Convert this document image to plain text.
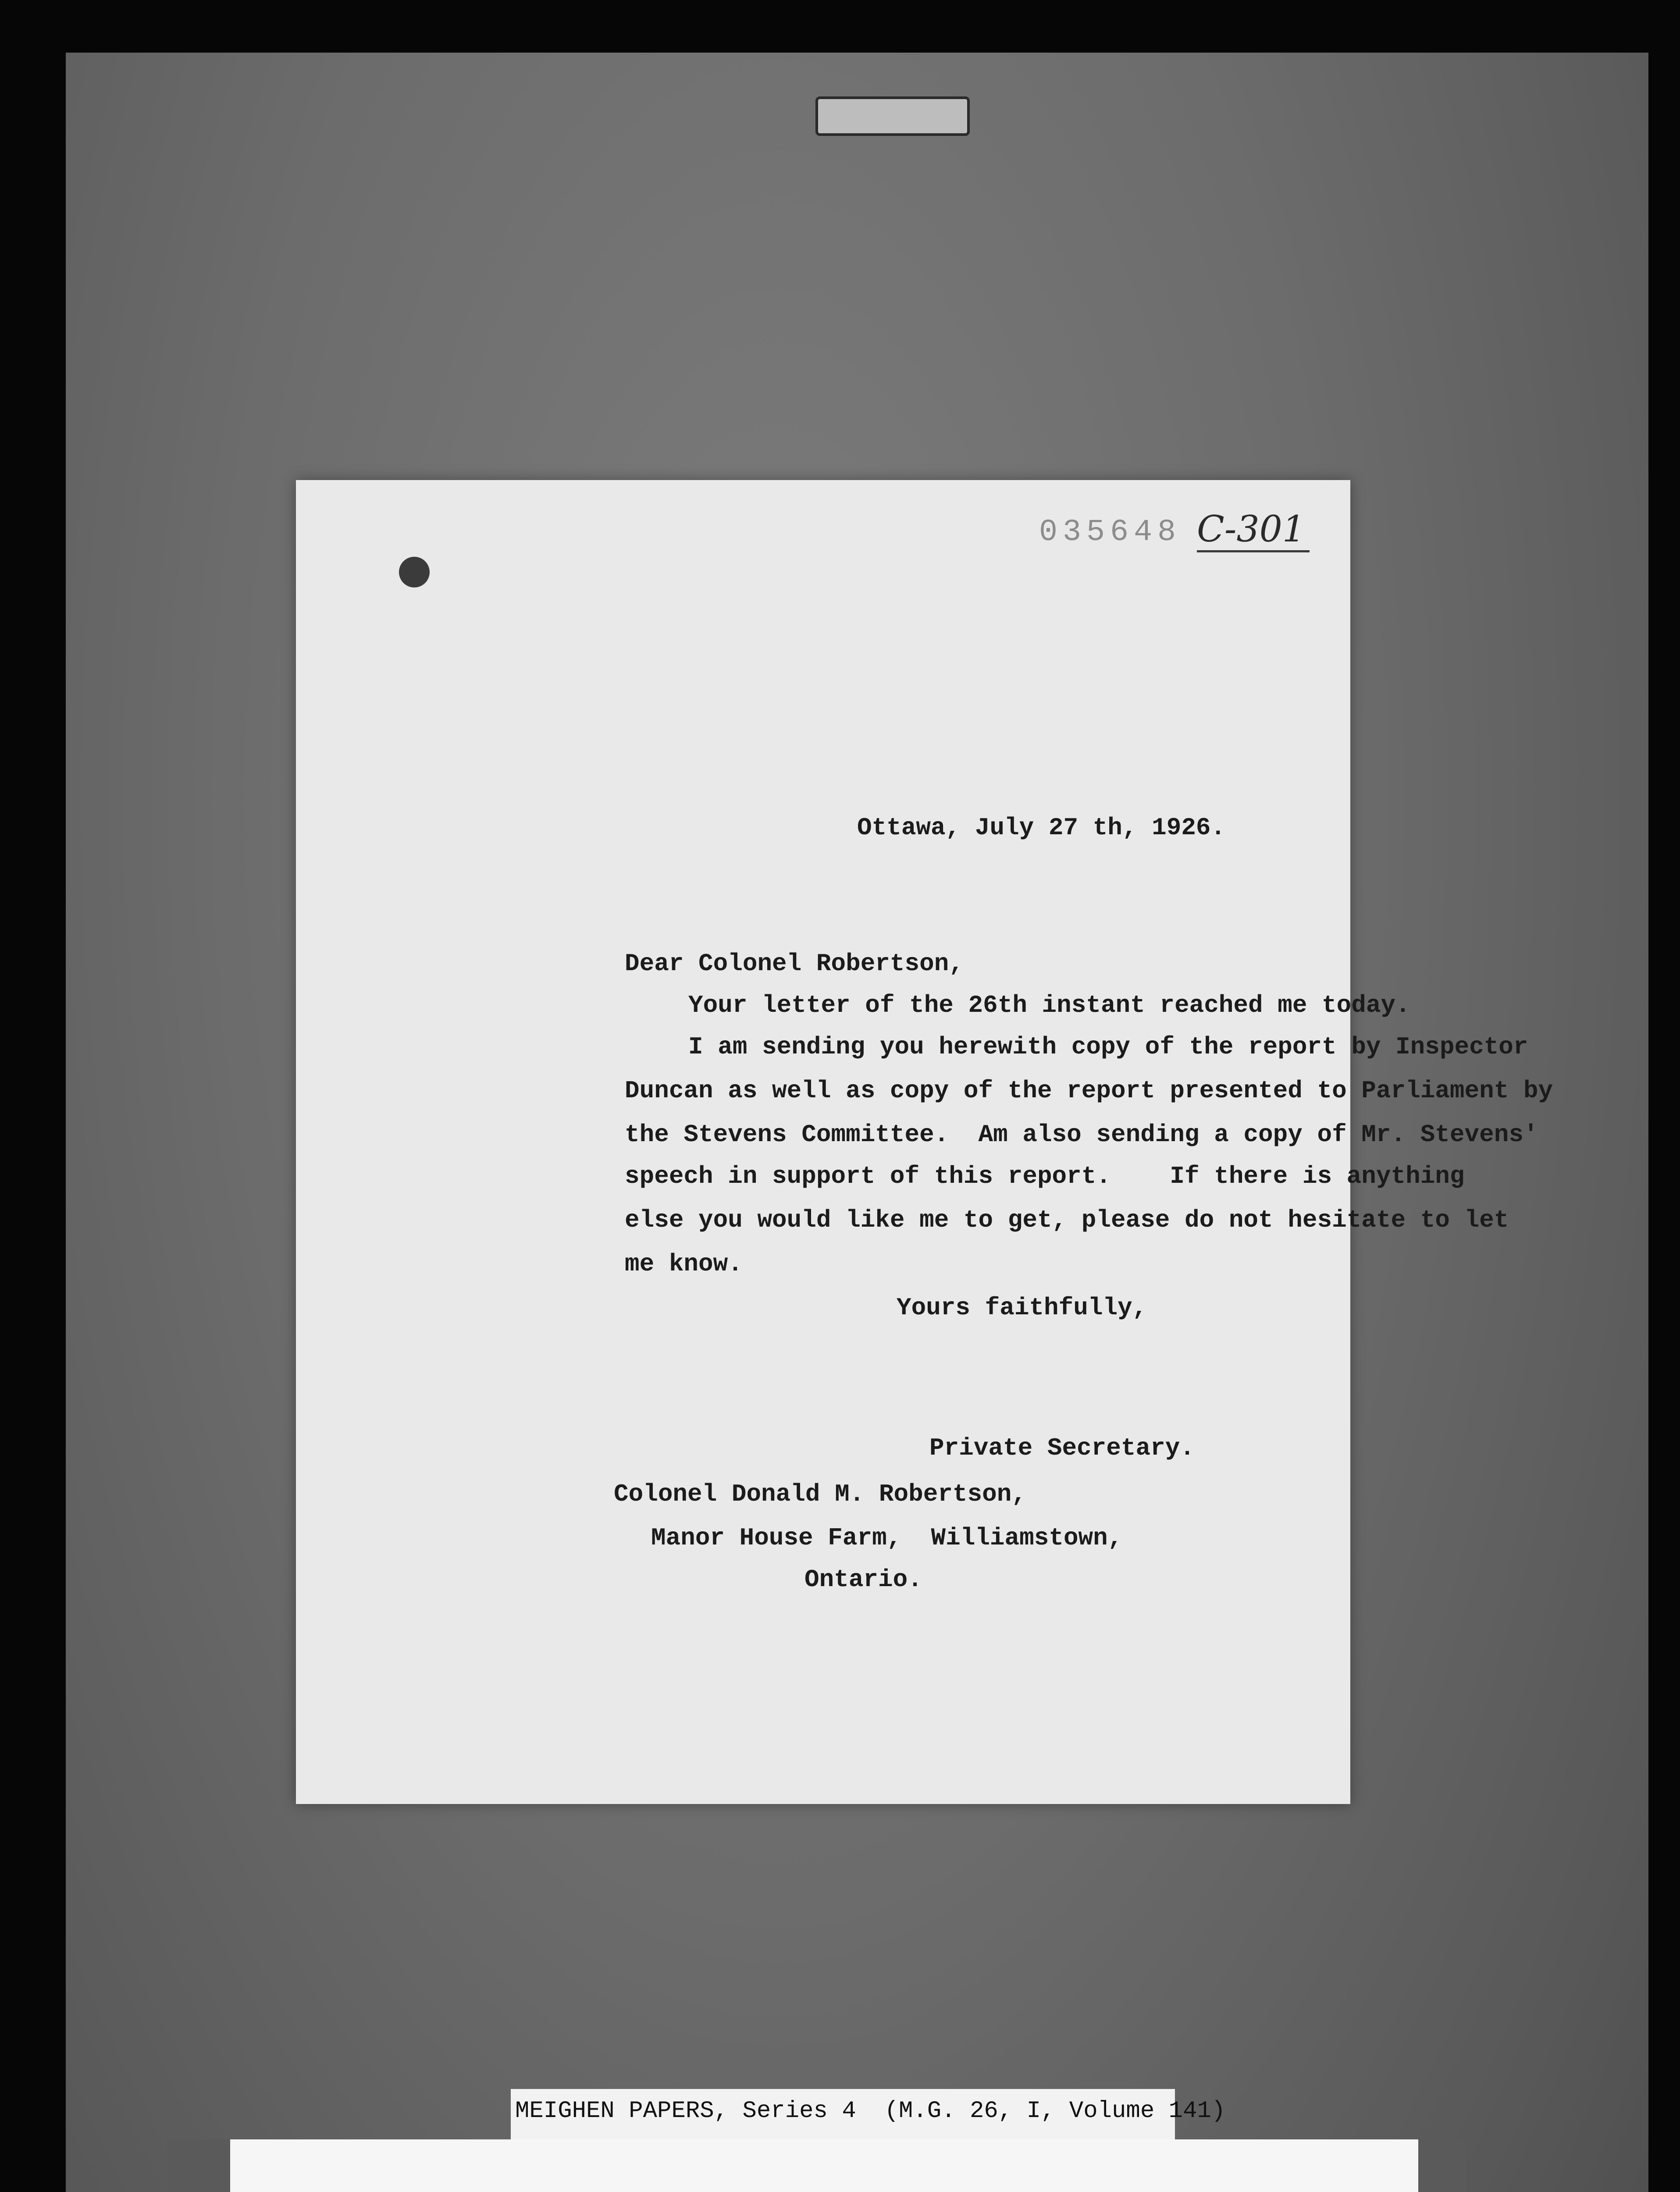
035648 C-301
Ottawa, July 27 th, 1926.
Dear Colonel Robertson,
Your letter of the 26th instant reached me today.
I am sending you herewith copy of the report by Inspector
Duncan as well as copy of the report presented to Parliament by
the Stevens Committee.  Am also sending a copy of Mr. Stevens'
speech in support of this report.    If there is anything
else you would like me to get, please do not hesitate to let
me know.
Yours faithfully,
Private Secretary.
Colonel Donald M. Robertson,
Manor House Farm,  Williamstown,
Ontario.
MEIGHEN PAPERS, Series 4  (M.G. 26, I, Volume 141)
